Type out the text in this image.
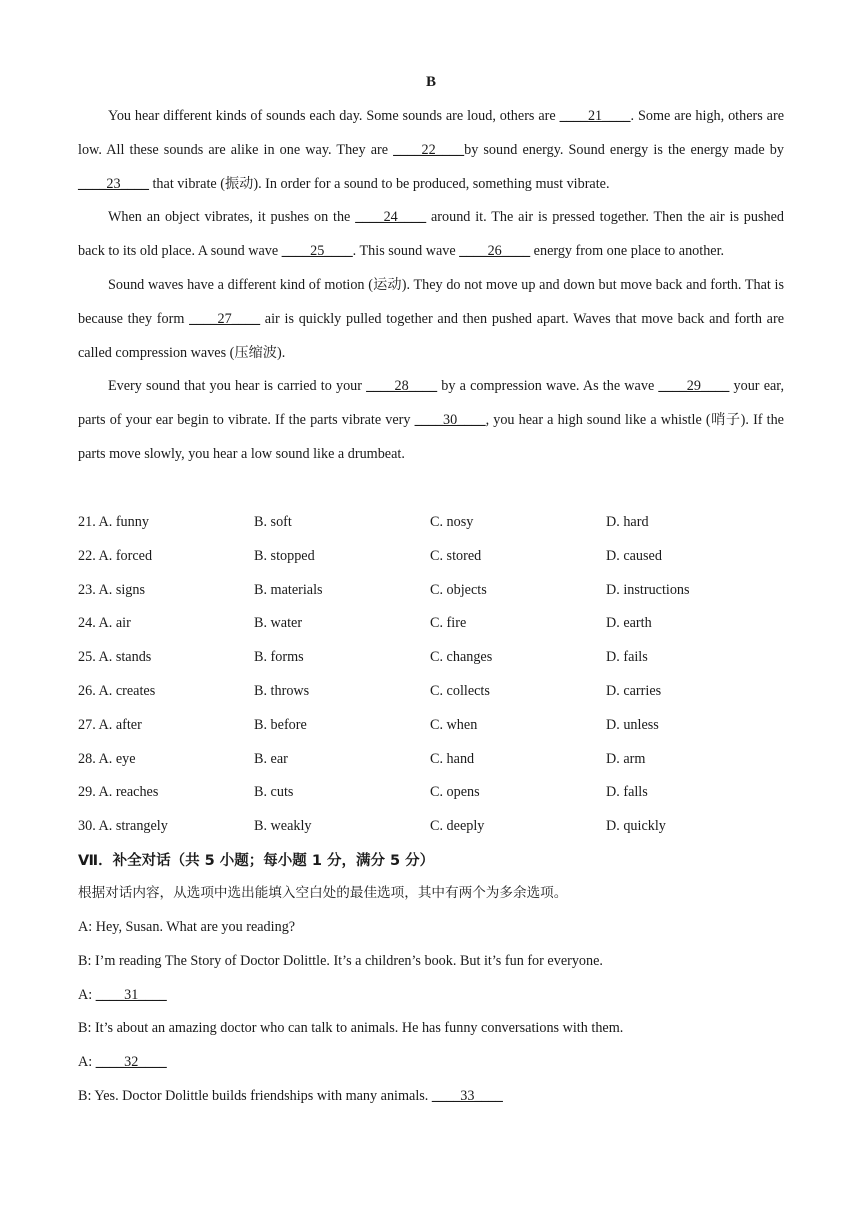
B

You hear different kinds of sounds each day. Some sounds are loud, others are ____21____. Some are high, others are low. All these sounds are alike in one way. They are ____22____by sound energy. Sound energy is the energy made by ____23____ that vibrate (振动). In order for a sound to be produced, something must vibrate.

When an object vibrates, it pushes on the ____24____ around it. The air is pressed together. Then the air is pushed back to its old place. A sound wave ____25____. This sound wave ____26____ energy from one place to another.

Sound waves have a different kind of motion (运动). They do not move up and down but move back and forth. That is because they form ____27____ air is quickly pulled together and then pushed apart. Waves that move back and forth are called compression waves (压缩波).

Every sound that you hear is carried to your ____28____ by a compression wave. As the wave ____29____ your ear, parts of your ear begin to vibrate. If the parts vibrate very ____30____, you hear a high sound like a whistle (哨子). If the parts move slowly, you hear a low sound like a drumbeat.

21. A. funny	B. soft	C. nosy	D. hard
22. A. forced	B. stopped	C. stored	D. caused
23. A. signs	B. materials	C. objects	D. instructions
24. A. air	B. water	C. fire	D. earth
25. A. stands	B. forms	C. changes	D. fails
26. A. creates	B. throws	C. collects	D. carries
27. A. after	B. before	C. when	D. unless
28. A. eye	B. ear	C. hand	D. arm
29. A. reaches	B. cuts	C. opens	D. falls
30. A. strangely	B. weakly	C. deeply	D. quickly
Ⅶ．补全对话（共 5 小题；每小题 1 分，满分 5 分）
根据对话内容，从选项中选出能填入空白处的最佳选项，其中有两个为多余选项。

A: Hey, Susan. What are you reading?

B: I’m reading The Story of Doctor Dolittle. It’s a children’s book. But it’s fun for everyone.

A: ____31____

B: It’s about an amazing doctor who can talk to animals. He has funny conversations with them.

A: ____32____

B: Yes. Doctor Dolittle builds friendships with many animals. ____33____
